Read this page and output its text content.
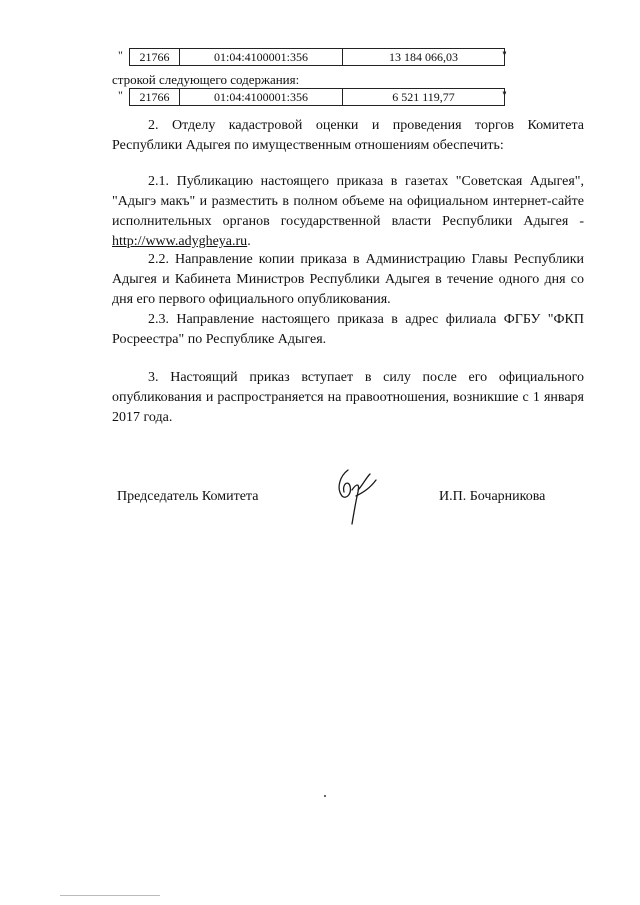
"	21766	01:04:4100001:356	13 184 066,03	"
строкой следующего содержания:
"	21766	01:04:4100001:356	6 521 119,77	"

2. Отделу кадастровой оценки и проведения торгов Комитета Республики Адыгея по имущественным отношениям обеспечить:

2.1. Публикацию настоящего приказа в газетах "Советская Адыгея", "Адыгэ макъ" и разместить в полном объеме на официальном интернет-сайте исполнительных органов государственной власти Республики Адыгея - http://www.adygheya.ru.

2.2. Направление копии приказа в Администрацию Главы Республики Адыгея и Кабинета Министров Республики Адыгея в течение одного дня со дня его первого официального опубликования.

2.3. Направление настоящего приказа в адрес филиала ФГБУ "ФКП Росреестра" по Республике Адыгея.

3. Настоящий приказ вступает в силу после его официального опубликования и распространяется на правоотношения, возникшие с 1 января 2017 года.

Председатель Комитета	И.П. Бочарникова
